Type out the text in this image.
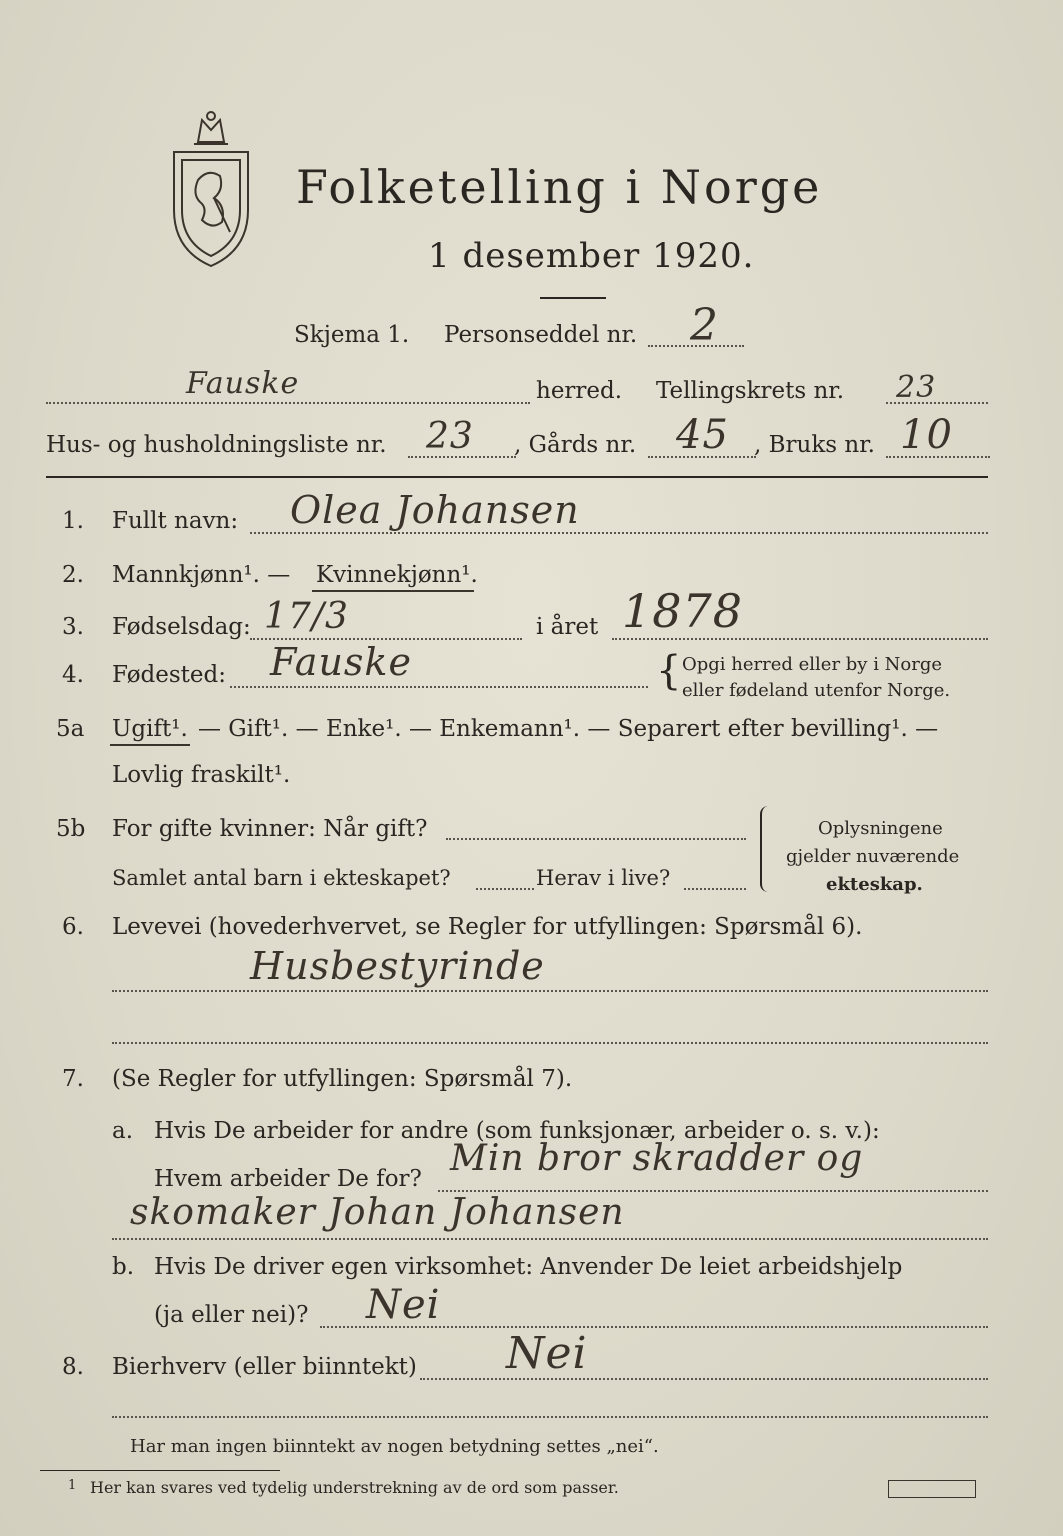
Folketelling i Norge
1 desember 1920.
Skjema 1. Personseddel nr. 2
Fauske	herred. Tellingskrets nr. 23
Hus- og husholdningsliste nr. 23 , Gårds nr. 45 , Bruks nr. 10
1. Fullt navn: Olea Johansen
2. Mannkjønn¹. — Kvinnekjønn¹.
3. Fødselsdag: 17/3	i året 1878
4. Fødested: Fauske	{ Opgi herred eller by i Norge
eller fødeland utenfor Norge.
5a Ugift¹. — Gift¹. — Enke¹. — Enkemann¹. — Separert efter bevilling¹. —
Lovlig fraskilt¹.
5b For gifte kvinner: Når gift?
Samlet antal barn i ekteskapet?	Herav i live?
Oplysningene
gjelder nuværende
ekteskap.
6. Levevei (hovederhvervet, se Regler for utfyllingen: Spørsmål 6).
Husbestyrinde
7. (Se Regler for utfyllingen: Spørsmål 7).
a. Hvis De arbeider for andre (som funksjonær, arbeider o. s. v.):
Hvem arbeider De for? Min bror skradder og
skomaker Johan Johansen
b. Hvis De driver egen virksomhet: Anvender De leiet arbeidshjelp
(ja eller nei)? Nei
8. Bierhverv (eller biinntekt) Nei
Har man ingen biinntekt av nogen betydning settes „nei“.
1 Her kan svares ved tydelig understrekning av de ord som passer.
